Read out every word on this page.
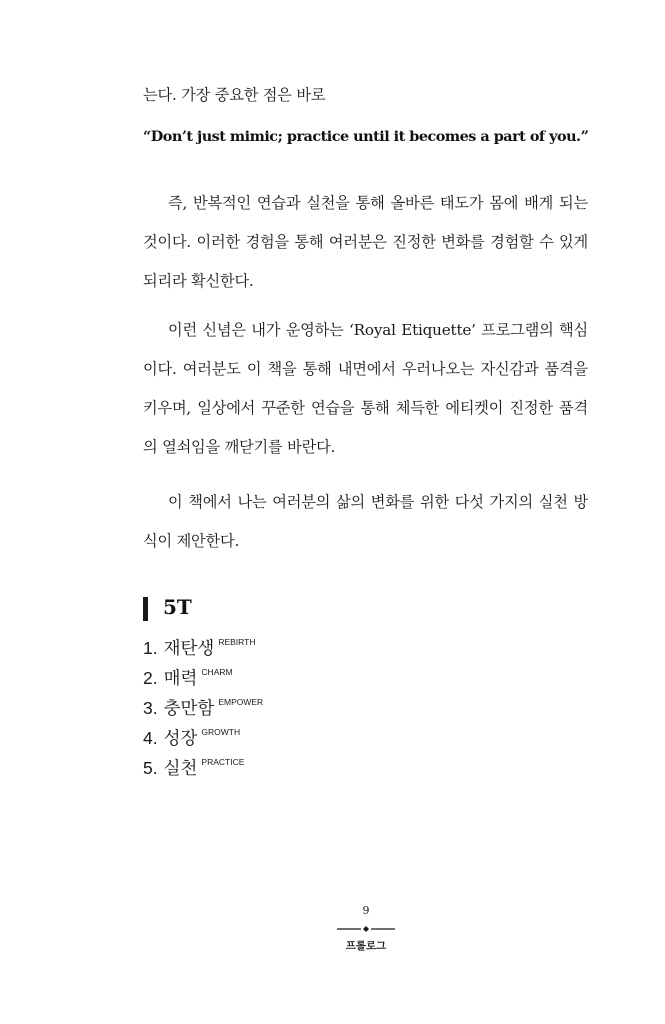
는다. 가장 중요한 점은 바로

“Don’t just mimic; practice until it becomes a part of you.”

즉, 반복적인 연습과 실천을 통해 올바른 태도가 몸에 배게 되는 것이다. 이러한 경험을 통해 여러분은 진정한 변화를 경험할 수 있게 되리라 확신한다.

이런 신념은 내가 운영하는 ‘Royal Etiquette’ 프로그램의 핵심이다. 여러분도 이 책을 통해 내면에서 우러나오는 자신감과 품격을 키우며, 일상에서 꾸준한 연습을 통해 체득한 에티켓이 진정한 품격의 열쇠임을 깨닫기를 바란다.

이 책에서 나는 여러분의 삶의 변화를 위한 다섯 가지의 실천 방식이 제안한다.

5T
1. 재탄생 $^{REBIRTH}$
2. 매력 $^{CHARM}$
3. 충만함 $^{EMPOWER}$
4. 성장 $^{GROWTH}$
5. 실천 $^{PRACTICE}$

9

프롤로그
